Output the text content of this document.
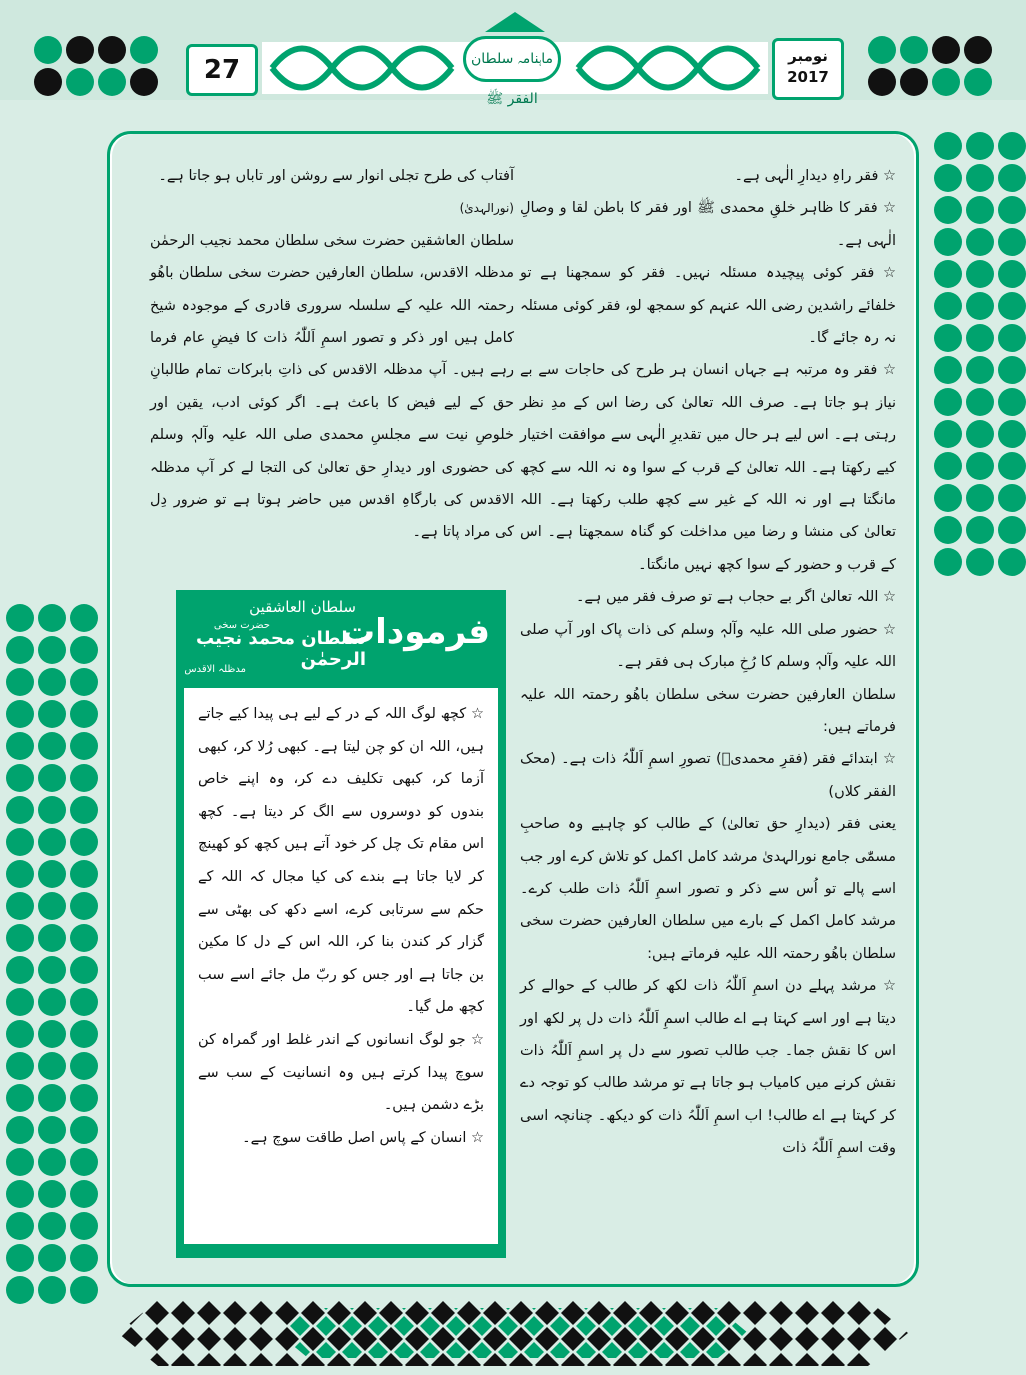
27	نومبر
2017
ماہنامہ سلطان الفقر ﷺ

☆ فقر راہِ دیدارِ الٰہی ہے۔

☆ فقر کا ظاہر خلقِ محمدی ﷺ اور فقر کا باطن لقا و وصالِ الٰہی ہے۔

☆ فقر کوئی پیچیدہ مسئلہ نہیں۔ فقر کو سمجھنا ہے تو خلفائے راشدین رضی اللہ عنہم کو سمجھ لو، فقر کوئی مسئلہ نہ رہ جائے گا۔

☆ فقر وہ مرتبہ ہے جہاں انسان ہر طرح کی حاجات سے بے نیاز ہو جاتا ہے۔ صرف اللہ تعالیٰ کی رضا اس کے مدِ نظر رہتی ہے۔ اس لیے ہر حال میں تقدیرِ الٰہی سے موافقت اختیار کیے رکھتا ہے۔ اللہ تعالیٰ کے قرب کے سوا وہ نہ اللہ سے کچھ مانگتا ہے اور نہ اللہ کے غیر سے کچھ طلب رکھتا ہے۔ اللہ تعالیٰ کی منشا و رضا میں مداخلت کو گناہ سمجھتا ہے۔ اس کے قرب و حضور کے سوا کچھ نہیں مانگتا۔

☆ اللہ تعالیٰ اگر بے حجاب ہے تو صرف فقر میں ہے۔

☆ حضور صلی اللہ علیہ وآلہٖ وسلم کی ذات پاک اور آپ صلی اللہ علیہ وآلہٖ وسلم کا رُخِ مبارک ہی فقر ہے۔

سلطان العارفین حضرت سخی سلطان باھُو رحمتہ اللہ علیہ فرماتے ہیں:

☆ ابتدائے فقر (فقرِ محمدیؐ) تصورِ اسمِ اَللّٰہُ ذات ہے۔ (محک الفقر کلاں)

یعنی فقر (دیدارِ حق تعالیٰ) کے طالب کو چاہیے وہ صاحبِ مسمّٰی جامع نورالہدیٰ مرشد کامل اکمل کو تلاش کرے اور جب اسے پالے تو اُس سے ذکر و تصور اسمِ اَللّٰہُ ذات طلب کرے۔ مرشد کامل اکمل کے بارے میں سلطان العارفین حضرت سخی سلطان باھُو رحمتہ اللہ علیہ فرماتے ہیں:

☆ مرشد پہلے دن اسمِ اَللّٰہُ ذات لکھ کر طالب کے حوالے کر دیتا ہے اور اسے کہتا ہے اے طالب اسمِ اَللّٰہُ ذات دل پر لکھ اور اس کا نقش جما۔ جب طالب تصور سے دل پر اسمِ اَللّٰہُ ذات نقش کرنے میں کامیاب ہو جاتا ہے تو مرشد طالب کو توجہ دے کر کہتا ہے اے طالب! اب اسمِ اَللّٰہُ ذات کو دیکھ۔ چنانچہ اسی وقت اسمِ اَللّٰہُ ذات

آفتاب کی طرح تجلی انوار سے روشن اور تاباں ہو جاتا ہے۔

(نورالہدیٰ)

سلطان العاشقین حضرت سخی سلطان محمد نجیب الرحمٰن مدظلہ الاقدس، سلطان العارفین حضرت سخی سلطان باھُو رحمتہ اللہ علیہ کے سلسلہ سروری قادری کے موجودہ شیخ کامل ہیں اور ذکر و تصور اسمِ اَللّٰہُ ذات کا فیضِ عام فرما رہے ہیں۔ آپ مدظلہ الاقدس کی ذاتِ بابرکات تمام طالبانِ حق کے لیے فیض کا باعث ہے۔ اگر کوئی ادب، یقین اور خلوصِ نیت سے مجلسِ محمدی صلی اللہ علیہ وآلہٖ وسلم کی حضوری اور دیدارِ حق تعالیٰ کی التجا لے کر آپ مدظلہ الاقدس کی بارگاہِ اقدس میں حاضر ہوتا ہے تو ضرور دِل کی مراد پاتا ہے۔

فرمودات
سلطان العاشقین
سلطان محمد نجیب الرحمٰن
مدظلہ الاقدس
حضرت سخی

☆ کچھ لوگ اللہ کے در کے لیے ہی پیدا کیے جاتے ہیں، اللہ ان کو چن لیتا ہے۔ کبھی رُلا کر، کبھی آزما کر، کبھی تکلیف دے کر، وہ اپنے خاص بندوں کو دوسروں سے الگ کر دیتا ہے۔ کچھ اس مقام تک چل کر خود آتے ہیں کچھ کو کھینچ کر لایا جاتا ہے بندے کی کیا مجال کہ اللہ کے حکم سے سرتابی کرے، اسے دکھ کی بھٹی سے گزار کر کندن بنا کر، اللہ اس کے دل کا مکین بن جاتا ہے اور جس کو ربّ مل جائے اسے سب کچھ مل گیا۔

☆ جو لوگ انسانوں کے اندر غلط اور گمراہ کن سوچ پیدا کرتے ہیں وہ انسانیت کے سب سے بڑے دشمن ہیں۔

☆ انسان کے پاس اصل طاقت سوچ ہے۔
